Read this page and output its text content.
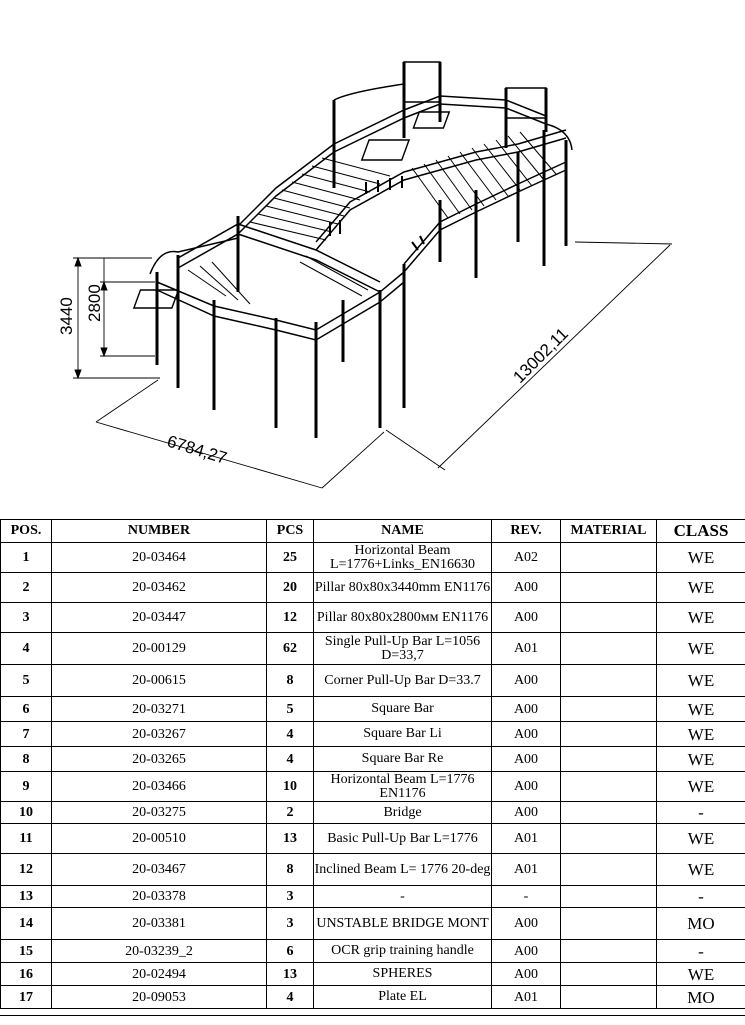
3440 2800
6784,27
13002,11
POS.	NUMBER	PCS	NAME	REV.	MATERIAL	CLASS
1	20-03464	25	Horizontal Beam L=1776+Links_EN16630	A02		WE
2	20-03462	20	Pillar 80x80x3440mm EN1176	A00		WE
3	20-03447	12	Pillar 80x80x2800мм EN1176	A00		WE
4	20-00129	62	Single Pull-Up Bar L=1056 D=33,7	A01		WE
5	20-00615	8	Corner Pull-Up Bar D=33.7	A00		WE
6	20-03271	5	Square Bar	A00		WE
7	20-03267	4	Square Bar Li	A00		WE
8	20-03265	4	Square Bar Re	A00		WE
9	20-03466	10	Horizontal Beam L=1776 EN1176	A00		WE
10	20-03275	2	Bridge	A00		-
11	20-00510	13	Basic Pull-Up Bar L=1776	A01		WE
12	20-03467	8	Inclined Beam L= 1776 20-deg	A01		WE
13	20-03378	3	-	-		-
14	20-03381	3	UNSTABLE BRIDGE MONT	A00		MO
15	20-03239_2	6	OCR grip training handle	A00		-
16	20-02494	13	SPHERES	A00		WE
17	20-09053	4	Plate EL	A01		MO
